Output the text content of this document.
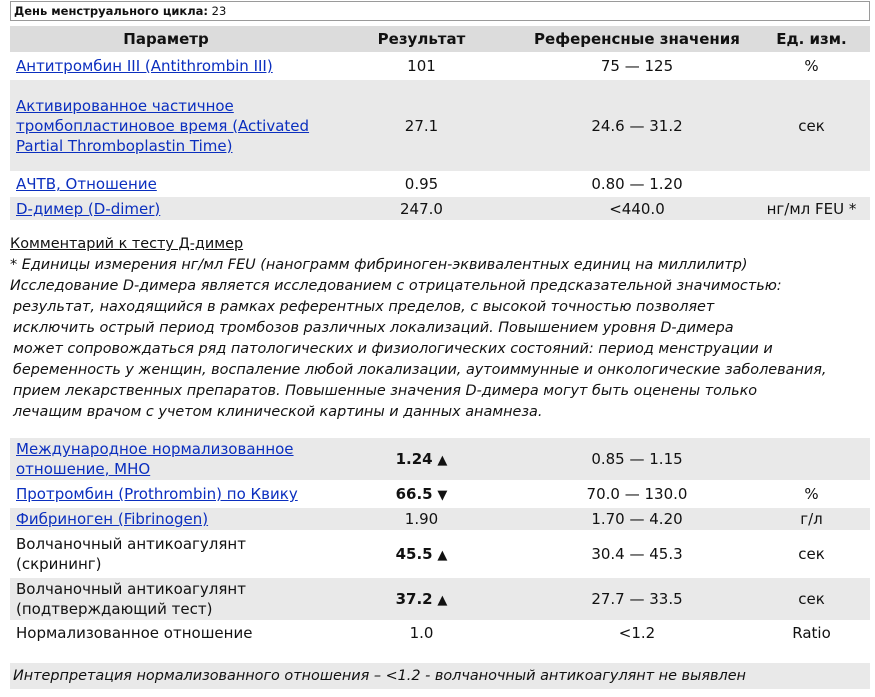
День менструального цикла: 23
Параметр	Результат	Референсные значения	Ед. изм.
Антитромбин III (Antithrombin III)	101	75 — 125	%
Активированное частичное тромбопластиновое время (Activated Partial Thromboplastin Time)	27.1	24.6 — 31.2	сек
АЧТВ, Отношение	0.95	0.80 — 1.20	
D-димер (D-dimer)	247.0	<440.0	нг/мл FEU *
Комментарий к тесту Д-димер
* Единицы измерения нг/мл FEU (нанограмм фибриноген-эквивалентных единиц на миллилитр)
Исследование D-димера является исследованием с отрицательной предсказательной значимостью:
результат, находящийся в рамках референтных пределов, с высокой точностью позволяет
исключить острый период тромбозов различных локализаций. Повышением уровня D-димера
может сопровождаться ряд патологических и физиологических состояний: период менструации и
беременность у женщин, воспаление любой локализации, аутоиммунные и онкологические заболевания,
прием лекарственных препаратов. Повышенные значения D-димера могут быть оценены только
лечащим врачом с учетом клинической картины и данных анамнеза.
Международное нормализованное отношение, МНО	1.24 ▲	0.85 — 1.15	
Протромбин (Prothrombin) по Квику	66.5 ▼	70.0 — 130.0	%
Фибриноген (Fibrinogen)	1.90	1.70 — 4.20	г/л
Волчаночный антикоагулянт (скрининг)	45.5 ▲	30.4 — 45.3	сек
Волчаночный антикоагулянт (подтверждающий тест)	37.2 ▲	27.7 — 33.5	сек
Нормализованное отношение	1.0	<1.2	Ratio
Интерпретация нормализованного отношения – <1.2 - волчаночный антикоагулянт не выявлен
